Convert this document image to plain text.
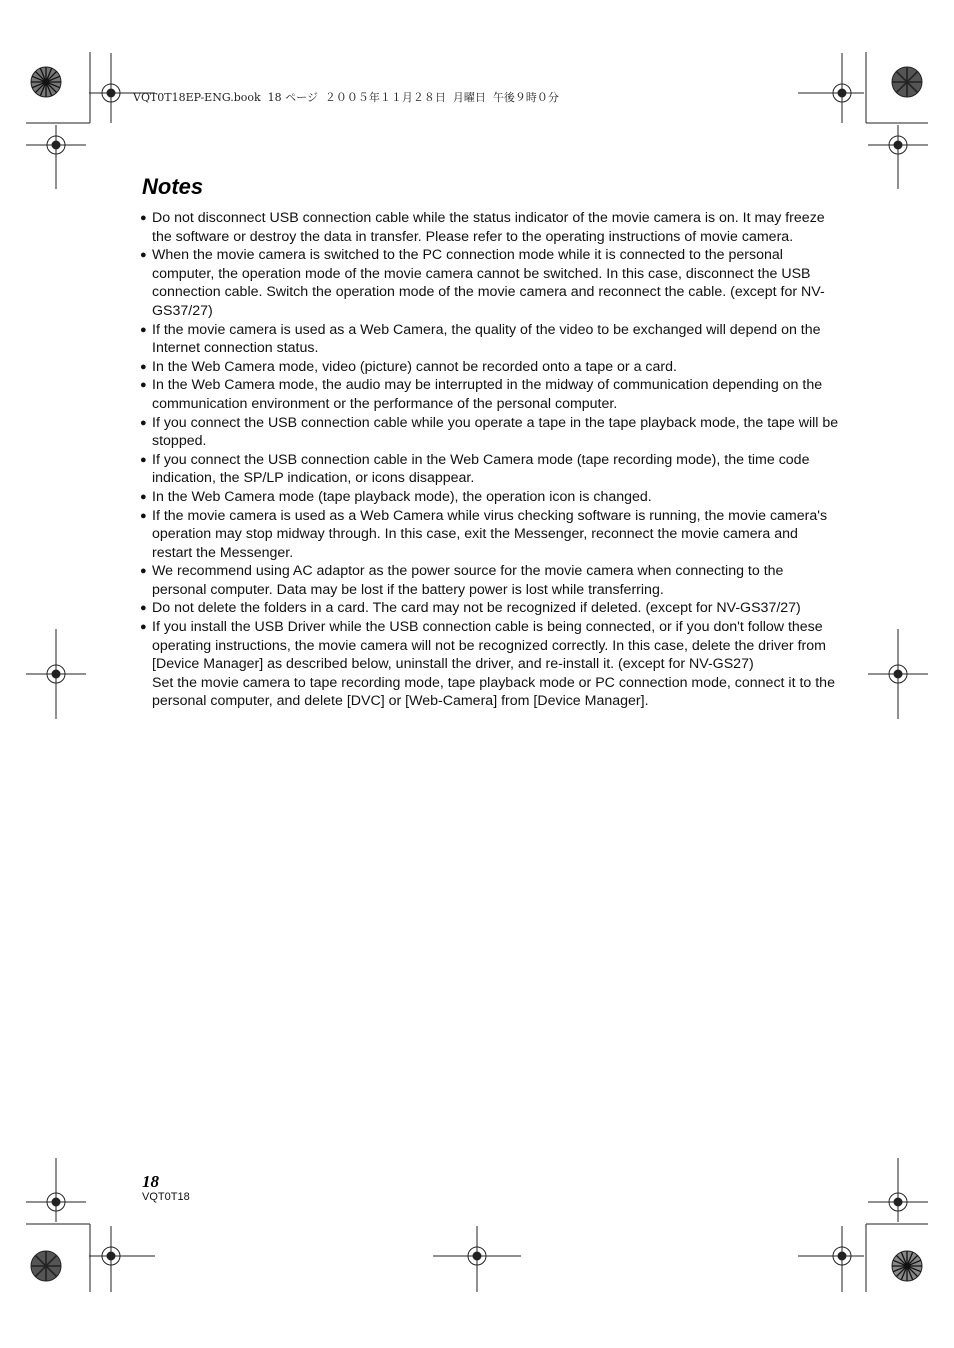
VQT0T18EP-ENG.book  18 ページ  ２００５年１１月２８日  月曜日  午後９時０分
Notes
● Do not disconnect USB connection cable while the status indicator of the movie camera is on. It may freeze the software or destroy the data in transfer. Please refer to the operating instructions of movie camera.
● When the movie camera is switched to the PC connection mode while it is connected to the personal computer, the operation mode of the movie camera cannot be switched. In this case, disconnect the USB connection cable. Switch the operation mode of the movie camera and reconnect the cable. (except for NV-GS37/27)
● If the movie camera is used as a Web Camera, the quality of the video to be exchanged will depend on the Internet connection status.
● In the Web Camera mode, video (picture) cannot be recorded onto a tape or a card.
● In the Web Camera mode, the audio may be interrupted in the midway of communication depending on the communication environment or the performance of the personal computer.
● If you connect the USB connection cable while you operate a tape in the tape playback mode, the tape will be stopped.
● If you connect the USB connection cable in the Web Camera mode (tape recording mode), the time code indication, the SP/LP indication, or icons disappear.
● In the Web Camera mode (tape playback mode), the operation icon is changed.
● If the movie camera is used as a Web Camera while virus checking software is running, the movie camera's operation may stop midway through. In this case, exit the Messenger, reconnect the movie camera and restart the Messenger.
● We recommend using AC adaptor as the power source for the movie camera when connecting to the personal computer. Data may be lost if the battery power is lost while transferring.
● Do not delete the folders in a card. The card may not be recognized if deleted. (except for NV-GS37/27)
● If you install the USB Driver while the USB connection cable is being connected, or if you don't follow these operating instructions, the movie camera will not be recognized correctly. In this case, delete the driver from [Device Manager] as described below, uninstall the driver, and re-install it. (except for NV-GS27)
Set the movie camera to tape recording mode, tape playback mode or PC connection mode, connect it to the personal computer, and delete [DVC] or [Web-Camera] from [Device Manager].
18
VQT0T18
